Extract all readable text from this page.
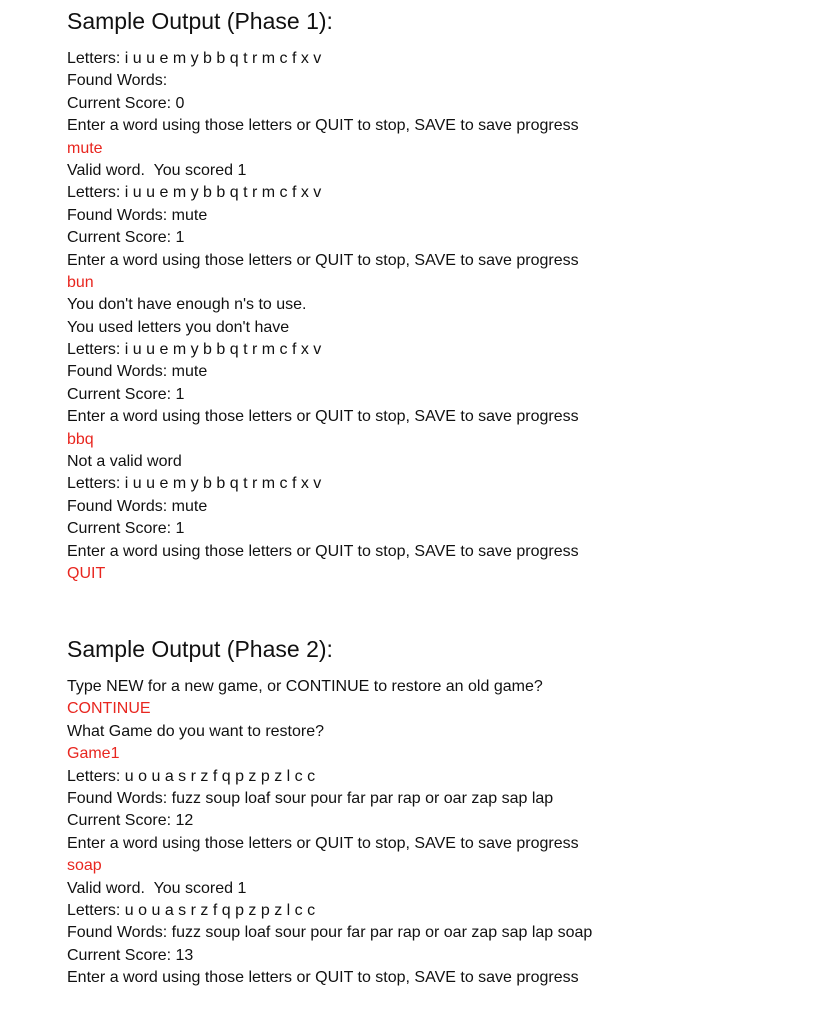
Sample Output (Phase 1):
Letters: i u u e m y b b q t r m c f x v
Found Words:
Current Score: 0
Enter a word using those letters or QUIT to stop, SAVE to save progress
mute
Valid word.  You scored 1
Letters: i u u e m y b b q t r m c f x v
Found Words: mute
Current Score: 1
Enter a word using those letters or QUIT to stop, SAVE to save progress
bun
You don't have enough n's to use.
You used letters you don't have
Letters: i u u e m y b b q t r m c f x v
Found Words: mute
Current Score: 1
Enter a word using those letters or QUIT to stop, SAVE to save progress
bbq
Not a valid word
Letters: i u u e m y b b q t r m c f x v
Found Words: mute
Current Score: 1
Enter a word using those letters or QUIT to stop, SAVE to save progress
QUIT
Sample Output (Phase 2):
Type NEW for a new game, or CONTINUE to restore an old game?
CONTINUE
What Game do you want to restore?
Game1
Letters: u o u a s r z f q p z p z l c c
Found Words: fuzz soup loaf sour pour far par rap or oar zap sap lap
Current Score: 12
Enter a word using those letters or QUIT to stop, SAVE to save progress
soap
Valid word.  You scored 1
Letters: u o u a s r z f q p z p z l c c
Found Words: fuzz soup loaf sour pour far par rap or oar zap sap lap soap
Current Score: 13
Enter a word using those letters or QUIT to stop, SAVE to save progress
